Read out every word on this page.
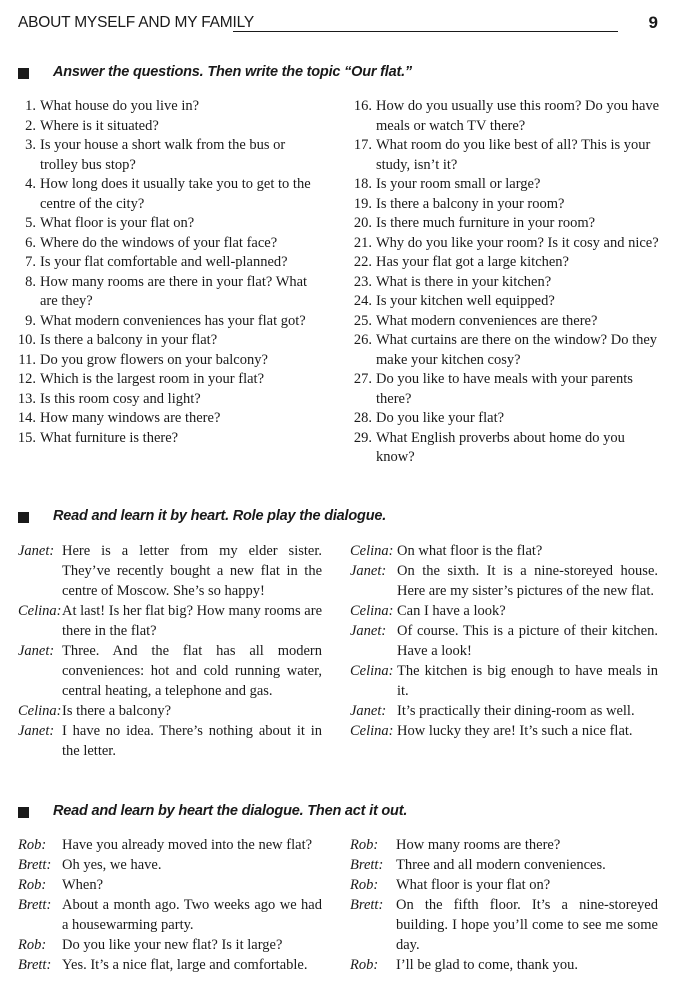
ABOUT MYSELF AND MY FAMILY	9
Answer the questions. Then write the topic “Our flat.”
1. What house do you live in?
2. Where is it situated?
3. Is your house a short walk from the bus or trolley bus stop?
4. How long does it usually take you to get to the centre of the city?
5. What floor is your flat on?
6. Where do the windows of your flat face?
7. Is your flat comfortable and well-planned?
8. How many rooms are there in your flat? What are they?
9. What modern conveniences has your flat got?
10. Is there a balcony in your flat?
11. Do you grow flowers on your balcony?
12. Which is the largest room in your flat?
13. Is this room cosy and light?
14. How many windows are there?
15. What furniture is there?
16. How do you usually use this room? Do you have meals or watch TV there?
17. What room do you like best of all? This is your study, isn’t it?
18. Is your room small or large?
19. Is there a balcony in your room?
20. Is there much furniture in your room?
21. Why do you like your room? Is it cosy and nice?
22. Has your flat got a large kitchen?
23. What is there in your kitchen?
24. Is your kitchen well equipped?
25. What modern conveniences are there?
26. What curtains are there on the window? Do they make your kitchen cosy?
27. Do you like to have meals with your parents there?
28. Do you like your flat?
29. What English proverbs about home do you know?
Read and learn it by heart. Role play the dialogue.
Janet: Here is a letter from my elder sister. They’ve recently bought a new flat in the centre of Moscow. She’s so happy!
Celina: At last! Is her flat big? How many rooms are there in the flat?
Janet: Three. And the flat has all modern conveniences: hot and cold running water, central heating, a telephone and gas.
Celina: Is there a balcony?
Janet: I have no idea. There’s nothing about it in the letter.
Celina: On what floor is the flat?
Janet: On the sixth. It is a nine-storeyed house. Here are my sister’s pictures of the new flat.
Celina: Can I have a look?
Janet: Of course. This is a picture of their kitchen. Have a look!
Celina: The kitchen is big enough to have meals in it.
Janet: It’s practically their dining-room as well.
Celina: How lucky they are! It’s such a nice flat.
Read and learn by heart the dialogue. Then act it out.
Rob:	Have you already moved into the new flat?
Brett: Oh yes, we have.
Rob:	When?
Brett: About a month ago. Two weeks ago we had a housewarming party.
Rob:	Do you like your new flat? Is it large?
Brett: Yes. It’s a nice flat, large and comfortable.
Rob:	How many rooms are there?
Brett: Three and all modern conveniences.
Rob:	What floor is your flat on?
Brett: On the fifth floor. It’s a nine-storeyed building. I hope you’ll come to see me some day.
Rob:	I’ll be glad to come, thank you.
